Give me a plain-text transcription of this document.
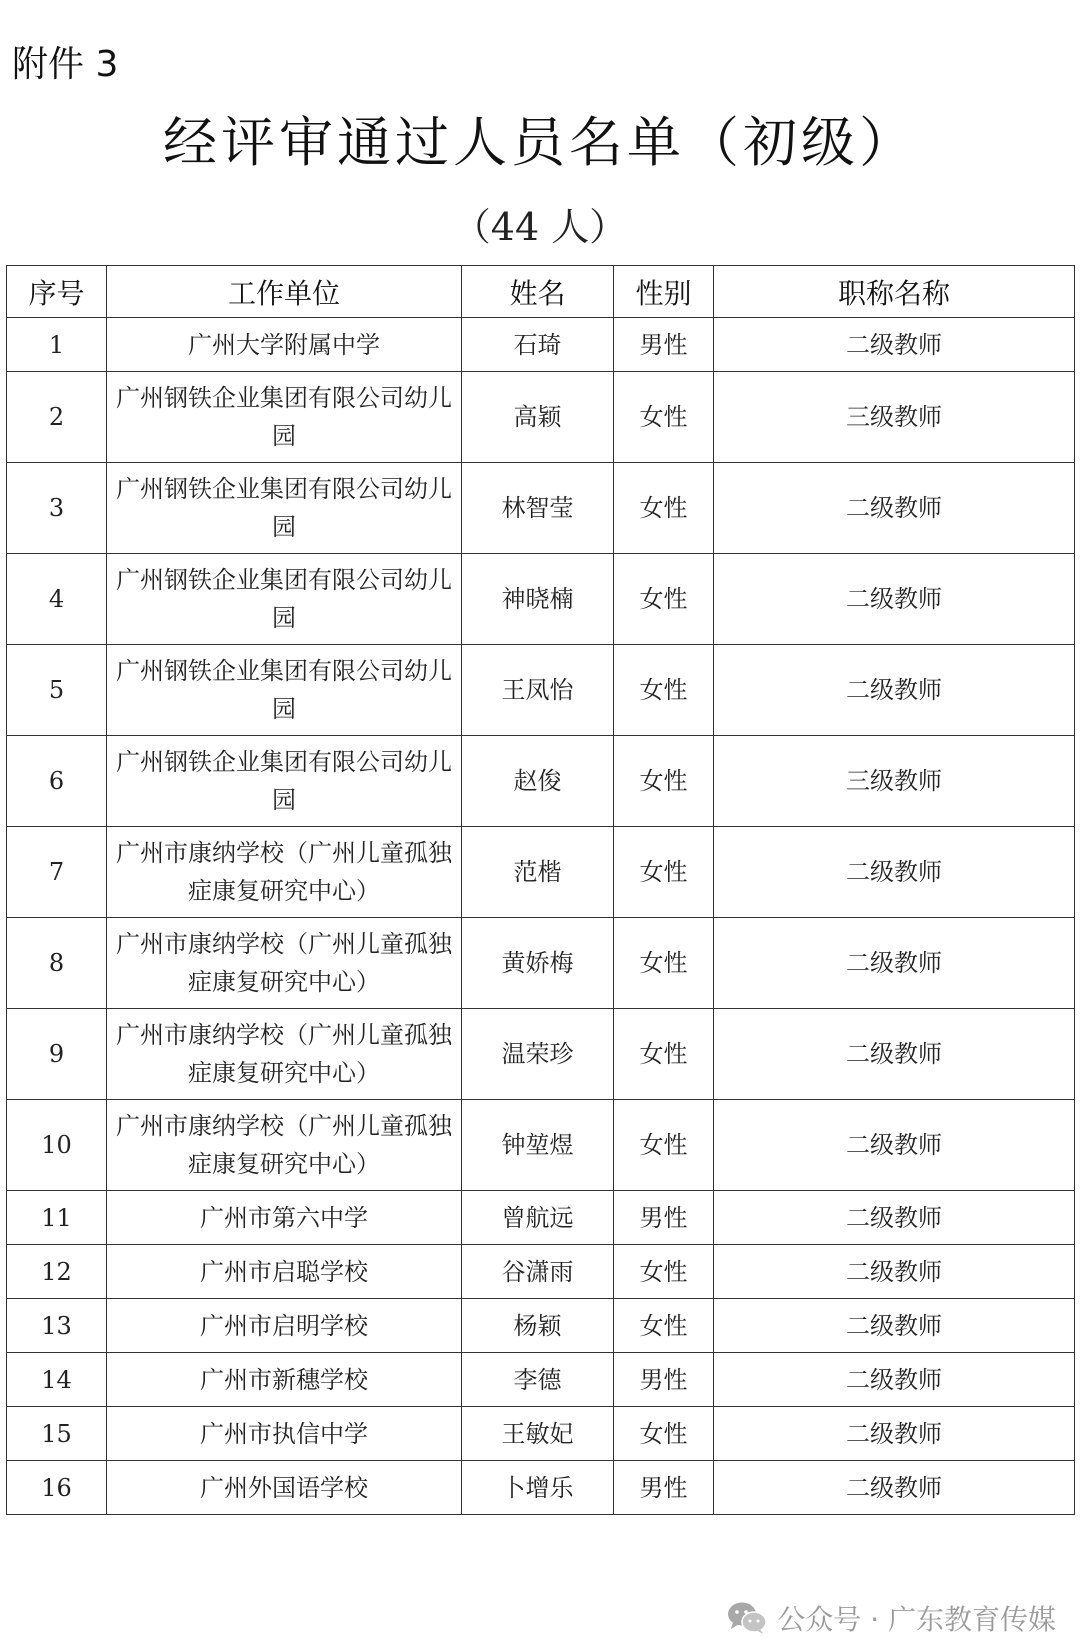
附件 3
经评审通过人员名单（初级）
（44 人）
序号	工作单位	姓名	性别	职称名称
1	广州大学附属中学	石琦	男性	二级教师
2	广州钢铁企业集团有限公司幼儿园	高颖	女性	三级教师
3	广州钢铁企业集团有限公司幼儿园	林智莹	女性	二级教师
4	广州钢铁企业集团有限公司幼儿园	神晓楠	女性	二级教师
5	广州钢铁企业集团有限公司幼儿园	王凤怡	女性	二级教师
6	广州钢铁企业集团有限公司幼儿园	赵俊	女性	三级教师
7	广州市康纳学校（广州儿童孤独症康复研究中心）	范楷	女性	二级教师
8	广州市康纳学校（广州儿童孤独症康复研究中心）	黄娇梅	女性	二级教师
9	广州市康纳学校（广州儿童孤独症康复研究中心）	温荣珍	女性	二级教师
10	广州市康纳学校（广州儿童孤独症康复研究中心）	钟堃煜	女性	二级教师
11	广州市第六中学	曾航远	男性	二级教师
12	广州市启聪学校	谷潇雨	女性	二级教师
13	广州市启明学校	杨颖	女性	二级教师
14	广州市新穗学校	李德	男性	二级教师
15	广州市执信中学	王敏妃	女性	二级教师
16	广州外国语学校	卜增乐	男性	二级教师
公众号 · 广东教育传媒
